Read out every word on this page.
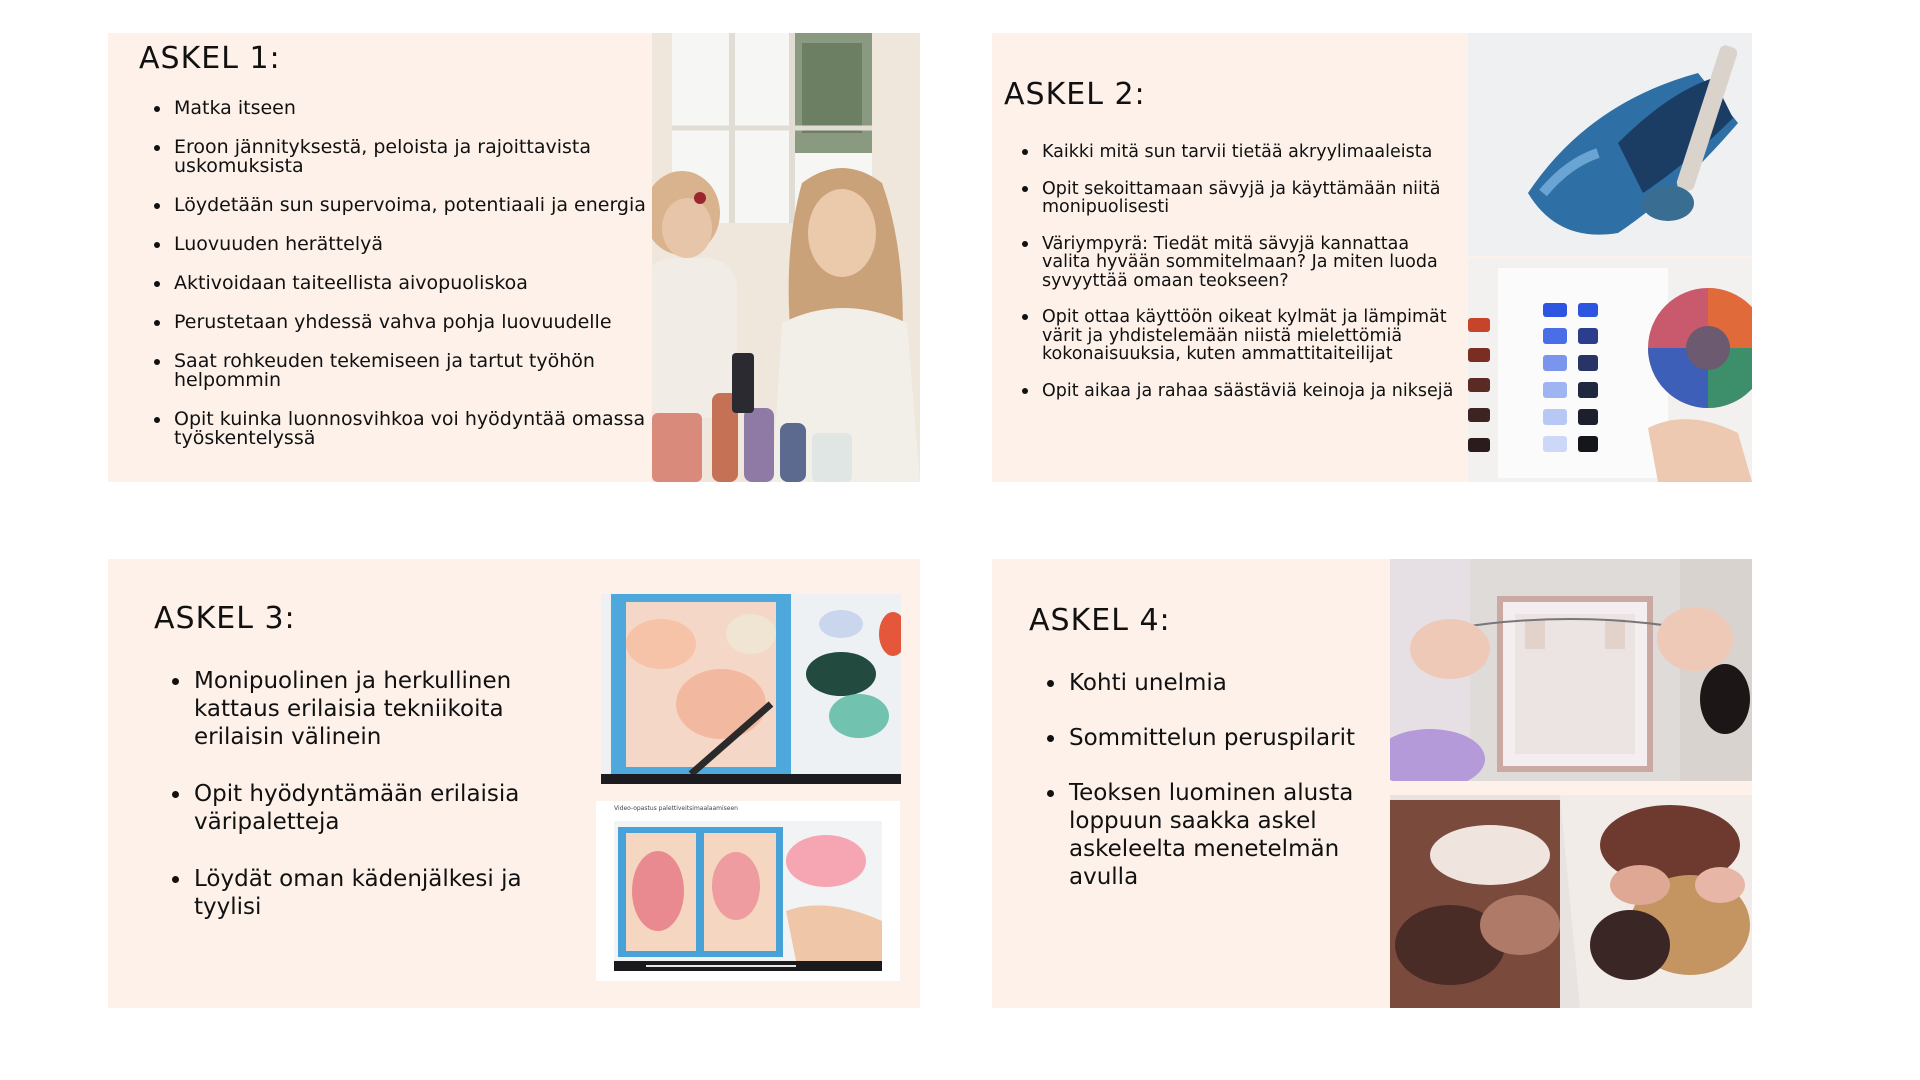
ASKEL 1:
Matka itseen
Eroon jännityksestä, peloista ja rajoittavista uskomuksista
Löydetään sun supervoima, potentiaali ja energia
Luovuuden herättelyä
Aktivoidaan taiteellista aivopuoliskoa
Perustetaan yhdessä vahva pohja luovuudelle
Saat rohkeuden tekemiseen ja tartut työhön helpommin
Opit kuinka luonnosvihkoa voi hyödyntää omassa työskentelyssä
ASKEL 2:
Kaikki mitä sun tarvii tietää akryylimaaleista
Opit sekoittamaan sävyjä ja käyttämään niitä monipuolisesti
Väriympyrä: Tiedät mitä sävyjä kannattaa valita hyvään sommitelmaan? Ja miten luoda syvyyttää omaan teokseen?
Opit ottaa käyttöön oikeat kylmät ja lämpimät värit ja yhdistelemään niistä mielettömiä kokonaisuuksia, kuten ammattitaiteilijat
Opit aikaa ja rahaa säästäviä keinoja ja niksejä
ASKEL 3:
Monipuolinen ja herkullinen kattaus erilaisia tekniikoita erilaisin välinein
Opit hyödyntämään erilaisia väripaletteja
Löydät oman kädenjälkesi ja tyylisi
Video-opastus palettiveitsimaalaamiseen
ASKEL 4:
Kohti unelmia
Sommittelun peruspilarit
Teoksen luominen alusta loppuun saakka askel askeleelta menetelmän avulla
